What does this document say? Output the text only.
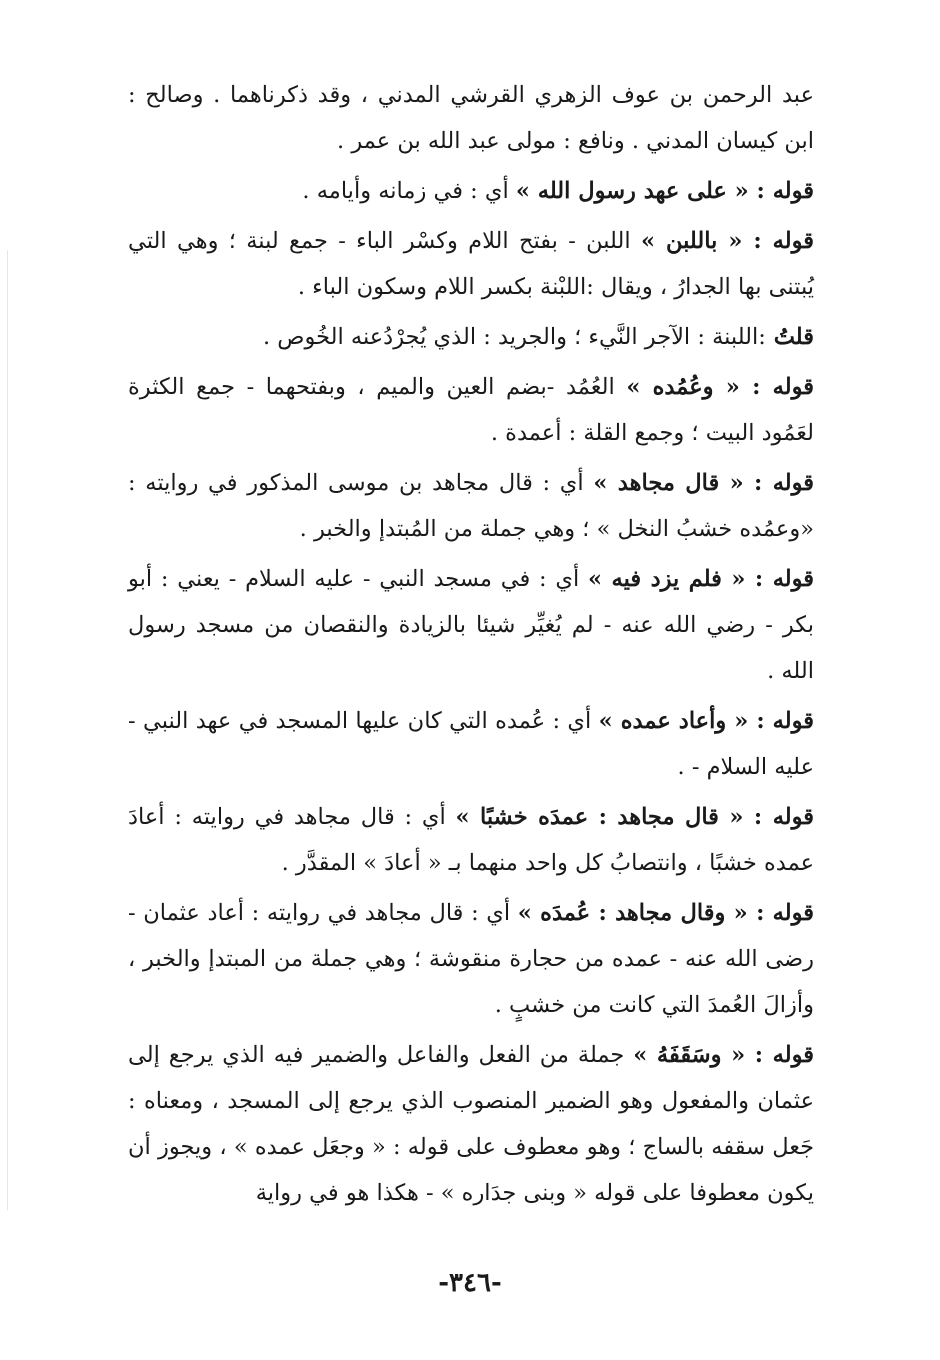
عبد الرحمن بن عوف الزهري القرشي المدني ، وقد ذكرناهما . وصالح : ابن كيسان المدني . ونافع : مولى عبد الله بن عمر .

قوله : « على عهد رسول الله » أي : في زمانه وأيامه .

قوله : « باللبن » اللبن - بفتح اللام وكسْر الباء - جمع لبنة ؛ وهي التي يُبتنى بها الجدارُ ، ويقال :اللبْنة بكسر اللام وسكون الباء .

قلتُ :اللبنة : الآجر النَّيء ؛ والجريد : الذي يُجرْدُعنه الخُوص .

قوله : « وعُمُده » العُمُد -بضم العين والميم ، وبفتحهما - جمع الكثرة لعَمُود البيت ؛ وجمع القلة : أعمدة .

قوله : « قال مجاهد » أي : قال مجاهد بن موسى المذكور في روايته : «وعمُده خشبُ النخل » ؛ وهي جملة من المُبتدإ والخبر .

قوله : « فلم يزد فيه » أي : في مسجد النبي - عليه السلام - يعني : أبو بكر - رضي الله عنه - لم يُغيِّر شيئا بالزيادة والنقصان من مسجد رسول الله .

قوله : « وأعاد عمده » أي : عُمده التي كان عليها المسجد في عهد النبي - عليه السلام - .

قوله : « قال مجاهد : عمدَه خشبًا » أي : قال مجاهد في روايته : أعادَ عمده خشبًا ، وانتصابُ كل واحد منهما بـ « أعادَ » المقدَّر .

قوله : « وقال مجاهد : عُمدَه » أي : قال مجاهد في روايته : أعاد عثمان - رضى الله عنه - عمده من حجارة منقوشة ؛ وهي جملة من المبتدإ والخبر ، وأزالَ العُمدَ التي كانت من خشبٍ .

قوله : « وسَقَفَهُ » جملة من الفعل والفاعل والضمير فيه الذي يرجع إلى عثمان والمفعول وهو الضمير المنصوب الذي يرجع إلى المسجد ، ومعناه : جَعل سقفه بالساج ؛ وهو معطوف على قوله : « وجعَل عمده » ، ويجوز أن يكون معطوفا على قوله « وبنى جدَاره » - هكذا هو في رواية

-٣٤٦-
